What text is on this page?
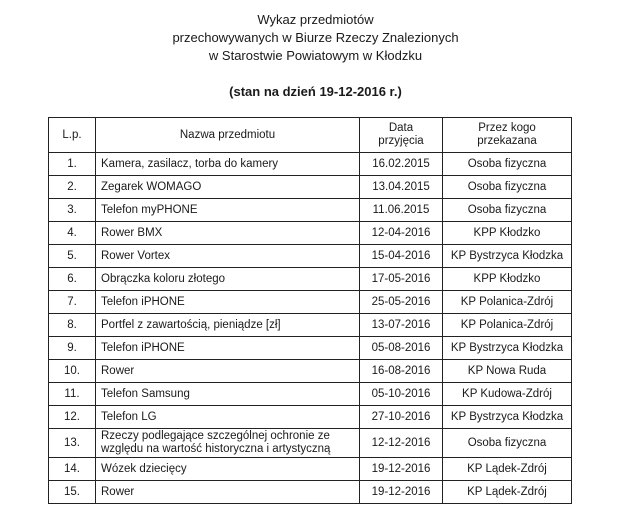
Wykaz przedmiotów
przechowywanych w Biurze Rzeczy Znalezionych
w Starostwie Powiatowym w Kłodzku
(stan na dzień 19-12-2016 r.)
L.p.	Nazwa przedmiotu	Data przyjęcia	Przez kogo przekazana
1.	Kamera, zasilacz, torba do kamery	16.02.2015	Osoba fizyczna
2.	Zegarek WOMAGO	13.04.2015	Osoba fizyczna
3.	Telefon myPHONE	11.06.2015	Osoba fizyczna
4.	Rower BMX	12-04-2016	KPP Kłodzko
5.	Rower Vortex	15-04-2016	KP Bystrzyca Kłodzka
6.	Obrączka koloru złotego	17-05-2016	KPP Kłodzko
7.	Telefon iPHONE	25-05-2016	KP Polanica-Zdrój
8.	Portfel z zawartością, pieniądze [zł]	13-07-2016	KP Polanica-Zdrój
9.	Telefon iPHONE	05-08-2016	KP Bystrzyca Kłodzka
10.	Rower	16-08-2016	KP Nowa Ruda
11.	Telefon Samsung	05-10-2016	KP Kudowa-Zdrój
12.	Telefon LG	27-10-2016	KP Bystrzyca Kłodzka
13.	Rzeczy podlegające szczególnej ochronie ze względu na wartość historyczna i artystyczną	12-12-2016	Osoba fizyczna
14.	Wózek dziecięcy	19-12-2016	KP Lądek-Zdrój
15.	Rower	19-12-2016	KP Lądek-Zdrój
